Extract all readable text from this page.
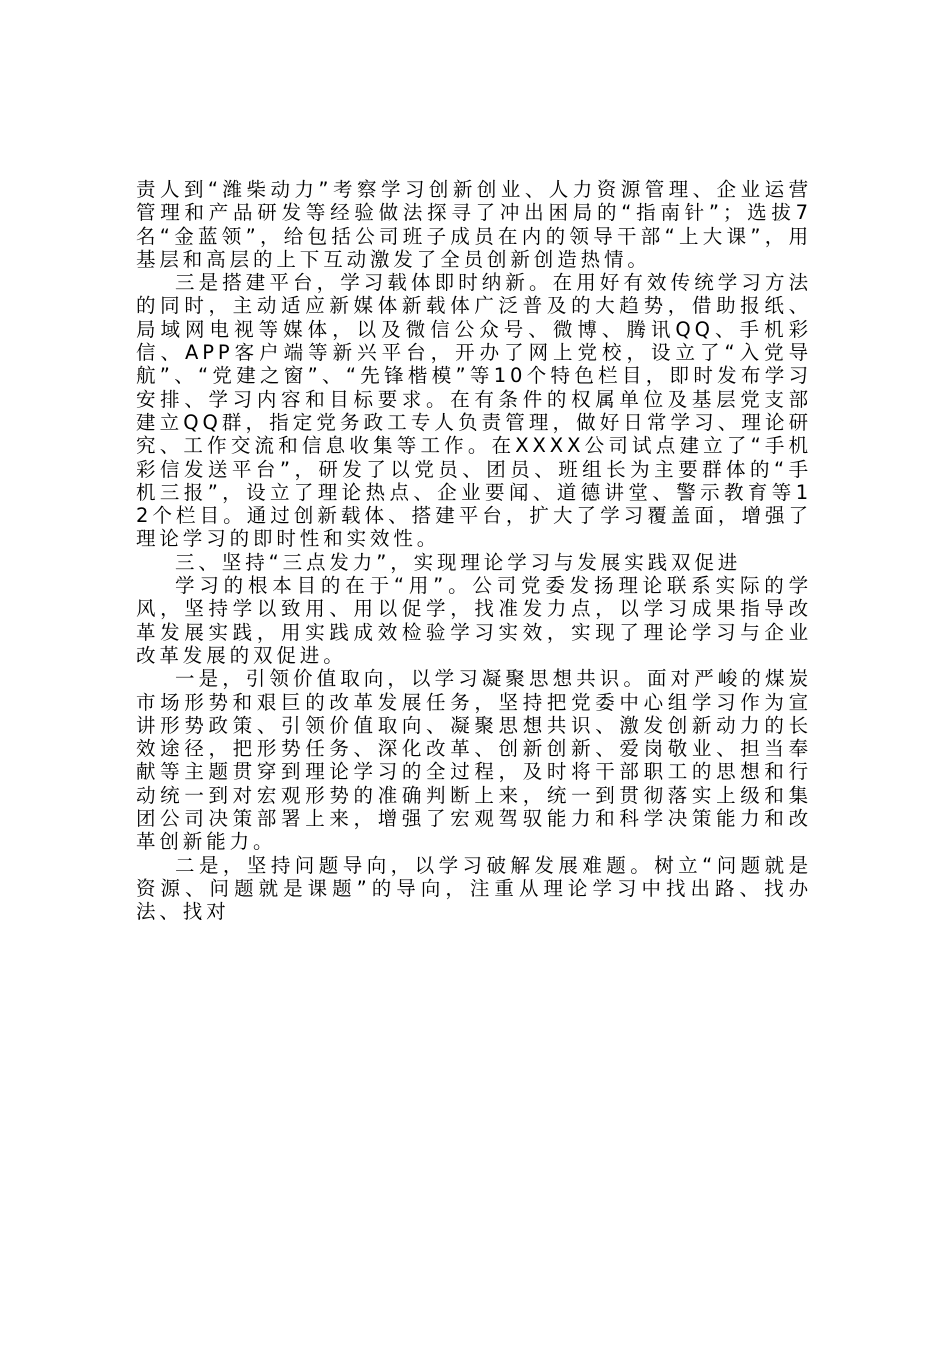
责人到“潍柴动力”考察学习创新创业、人力资源管理、企业运营管理和产品研发等经验做法探寻了冲出困局的“指南针”；选拔7名“金蓝领”，给包括公司班子成员在内的领导干部“上大课”，用基层和高层的上下互动激发了全员创新创造热情。

三是搭建平台，学习载体即时纳新。在用好有效传统学习方法的同时，主动适应新媒体新载体广泛普及的大趋势，借助报纸、局域网电视等媒体，以及微信公众号、微博、腾讯QQ、手机彩信、APP客户端等新兴平台，开办了网上党校，设立了“入党导航”、“党建之窗”、“先锋楷模”等10个特色栏目，即时发布学习安排、学习内容和目标要求。在有条件的权属单位及基层党支部建立QQ群，指定党务政工专人负责管理，做好日常学习、理论研究、工作交流和信息收集等工作。在XXXX公司试点建立了“手机彩信发送平台”，研发了以党员、团员、班组长为主要群体的“手机三报”，设立了理论热点、企业要闻、道德讲堂、警示教育等12个栏目。通过创新载体、搭建平台，扩大了学习覆盖面，增强了理论学习的即时性和实效性。

三、坚持“三点发力”，实现理论学习与发展实践双促进

学习的根本目的在于“用”。公司党委发扬理论联系实际的学风，坚持学以致用、用以促学，找准发力点，以学习成果指导改革发展实践，用实践成效检验学习实效，实现了理论学习与企业改革发展的双促进。

一是，引领价值取向，以学习凝聚思想共识。面对严峻的煤炭市场形势和艰巨的改革发展任务，坚持把党委中心组学习作为宣讲形势政策、引领价值取向、凝聚思想共识、激发创新动力的长效途径，把形势任务、深化改革、创新创新、爱岗敬业、担当奉献等主题贯穿到理论学习的全过程，及时将干部职工的思想和行动统一到对宏观形势的准确判断上来，统一到贯彻落实上级和集团公司决策部署上来，增强了宏观驾驭能力和科学决策能力和改革创新能力。

二是，坚持问题导向，以学习破解发展难题。树立“问题就是资源、问题就是课题”的导向，注重从理论学习中找出路、找办法、找对
